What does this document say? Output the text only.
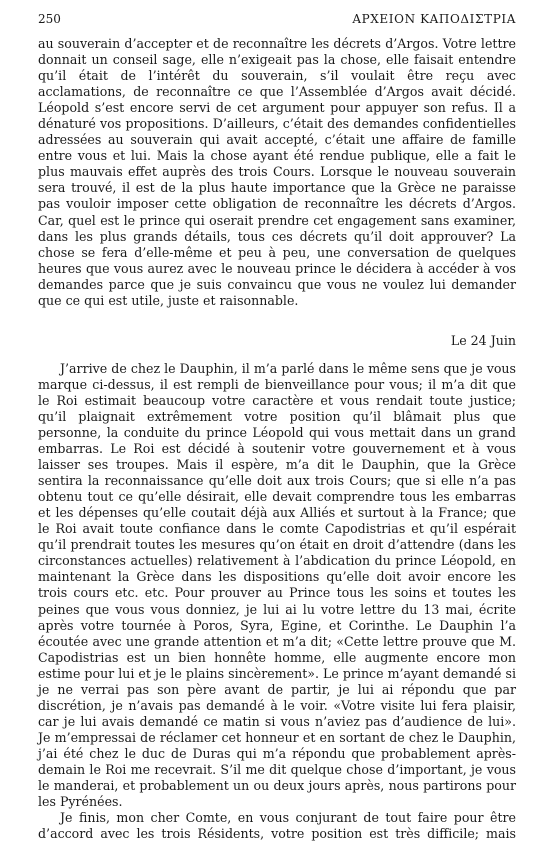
250	ΑΡΧΕΙΟΝ ΚΑΠΟΔΙΣΤΡΙΑ

au souverain d’accepter et de reconnaître les décrets d’Argos. Votre lettre donnait un conseil sage, elle n’exigeait pas la chose, elle faisait entendre qu’il était de l’intérêt du souverain, s’il voulait être reçu avec acclamations, de reconnaître ce que l’Assemblée d’Argos avait décidé. Léopold s’est encore servi de cet argument pour appuyer son refus. Il a dénaturé vos propositions. D’ailleurs, c’était des demandes confidentielles adressées au souverain qui avait accepté, c’était une affaire de famille entre vous et lui. Mais la chose ayant été rendue publique, elle a fait le plus mauvais effet auprès des trois Cours. Lorsque le nouveau souverain sera trouvé, il est de la plus haute importance que la Grèce ne paraisse pas vouloir imposer cette obligation de reconnaître les décrets d’Argos. Car, quel est le prince qui oserait prendre cet engagement sans examiner, dans les plus grands détails, tous ces décrets qu’il doit approuver? La chose se fera d’elle-même et peu à peu, une conversation de quelques heures que vous aurez avec le nouveau prince le décidera à accéder à vos demandes parce que je suis convaincu que vous ne voulez lui demander que ce qui est utile, juste et raisonnable.

Le 24 Juin

J’arrive de chez le Dauphin, il m’a parlé dans le même sens que je vous marque ci-dessus, il est rempli de bienveillance pour vous; il m’a dit que le Roi estimait beaucoup votre caractère et vous rendait toute justice; qu’il plaignait extrêmement votre position qu’il blâmait plus que personne, la conduite du prince Léopold qui vous mettait dans un grand embarras. Le Roi est décidé à soutenir votre gouvernement et à vous laisser ses troupes. Mais il espère, m’a dit le Dauphin, que la Grèce sentira la reconnaissance qu’elle doit aux trois Cours; que si elle n’a pas obtenu tout ce qu’elle désirait, elle devait comprendre tous les embarras et les dépenses qu’elle coutait déjà aux Alliés et surtout à la France; que le Roi avait toute confiance dans le comte Capodistrias et qu’il espérait qu’il prendrait toutes les mesures qu’on était en droit d’attendre (dans les circonstances actuelles) relativement à l’abdication du prince Léopold, en maintenant la Grèce dans les dispositions qu’elle doit avoir encore les trois cours etc. etc. Pour prouver au Prince tous les soins et toutes les peines que vous vous donniez, je lui ai lu votre lettre du 13 mai, écrite après votre tournée à Poros, Syra, Egine, et Corinthe. Le Dauphin l’a écoutée avec une grande attention et m’a dit; «Cette lettre prouve que M. Capodistrias est un bien honnête homme, elle augmente encore mon estime pour lui et je le plains sincèrement». Le prince m’ayant demandé si je ne verrai pas son père avant de partir, je lui ai répondu que par discrétion, je n’avais pas demandé à le voir. «Votre visite lui fera plaisir, car je lui avais demandé ce matin si vous n’aviez pas d’audience de lui». Je m’empressai de réclamer cet honneur et en sortant de chez le Dauphin, j’ai été chez le duc de Duras qui m’a répondu que probablement après-demain le Roi me recevrait. S’il me dit quelque chose d’important, je vous le manderai, et probablement un ou deux jours après, nous partirons pour les Pyrénées.

Je finis, mon cher Comte, en vous conjurant de tout faire pour être d’accord avec les trois Résidents, votre position est très difficile; mais
